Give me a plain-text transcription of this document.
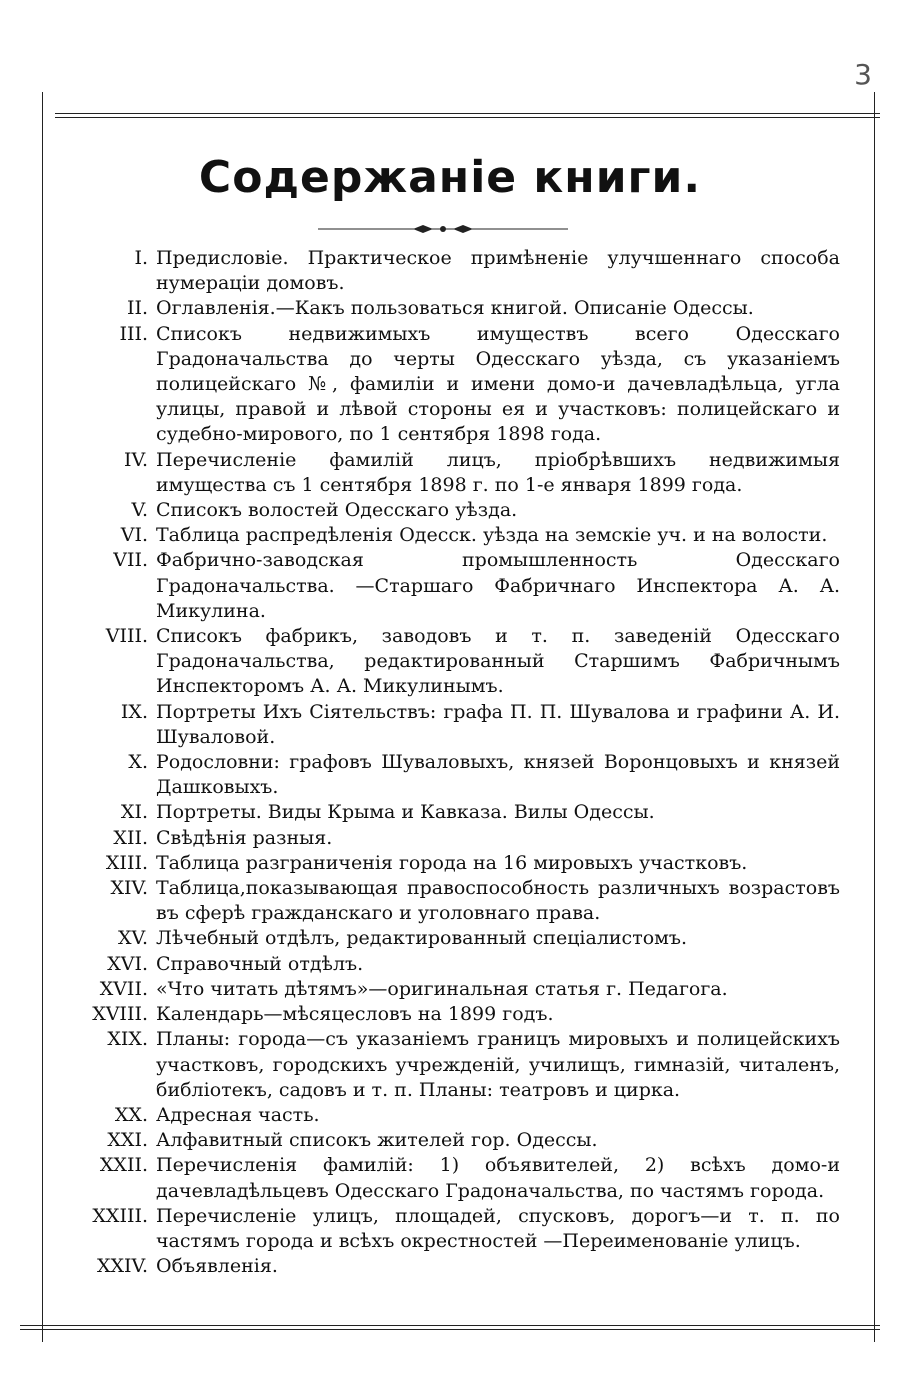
3
Содержаніе книги.
I. Предисловіе. Практическое примѣненіе улучшеннаго способа нумераціи домовъ.
II. Оглавленія.—Какъ пользоваться книгой. Описаніе Одессы.
III. Списокъ недвижимыхъ имуществъ всего Одесскаго Градоначальства до черты Одесскаго уѣзда, съ указаніемъ полицейскаго №, фамиліи и имени домо-и дачевладѣльца, угла улицы, правой и лѣвой стороны ея и участковъ: полицейскаго и судебно-мирового, по 1 сентября 1898 года.
IV. Перечисленіе фамилій лицъ, пріобрѣвшихъ недвижимыя имущества съ 1 сентября 1898 г. по 1-е января 1899 года.
V. Списокъ волостей Одесскаго уѣзда.
VI. Таблица распредѣленія Одесск. уѣзда на земскіе уч. и на волости.
VII. Фабрично-заводская промышленность Одесскаго Градоначальства. —Старшаго Фабричнаго Инспектора А. А. Микулина.
VIII. Списокъ фабрикъ, заводовъ и т. п. заведеній Одесскаго Градоначальства, редактированный Старшимъ Фабричнымъ Инспекторомъ А. А. Микулинымъ.
IX. Портреты Ихъ Сіятельствъ: графа П. П. Шувалова и графини А. И. Шуваловой.
X. Родословни: графовъ Шуваловыхъ, князей Воронцовыхъ и князей Дашковыхъ.
XI. Портреты. Виды Крыма и Кавказа. Вилы Одессы.
XII. Свѣдѣнія разныя.
XIII. Таблица разграниченія города на 16 мировыхъ участковъ.
XIV. Таблица,показывающая правоспособность различныхъ возрастовъ въ сферѣ гражданскаго и уголовнаго права.
XV. Лѣчебный отдѣлъ, редактированный спеціалистомъ.
XVI. Справочный отдѣлъ.
XVII. «Что читать дѣтямъ»—оригинальная статья г. Педагога.
XVIII. Календарь—мѣсяцесловъ на 1899 годъ.
XIX. Планы: города—съ указаніемъ границъ мировыхъ и полицейскихъ участковъ, городскихъ учрежденій, училищъ, гимназій, читаленъ, библіотекъ, садовъ и т. п. Планы: театровъ и цирка.
XX. Адресная часть.
XXI. Алфавитный списокъ жителей гор. Одессы.
XXII. Перечисленія фамилій: 1) объявителей, 2) всѣхъ домо-и дачевладѣльцевъ Одесскаго Градоначальства, по частямъ города.
XXIII. Перечисленіе улицъ, площадей, спусковъ, дорогъ—и т. п. по частямъ города и всѣхъ окрестностей —Переименованіе улицъ.
XXIV. Объявленія.
